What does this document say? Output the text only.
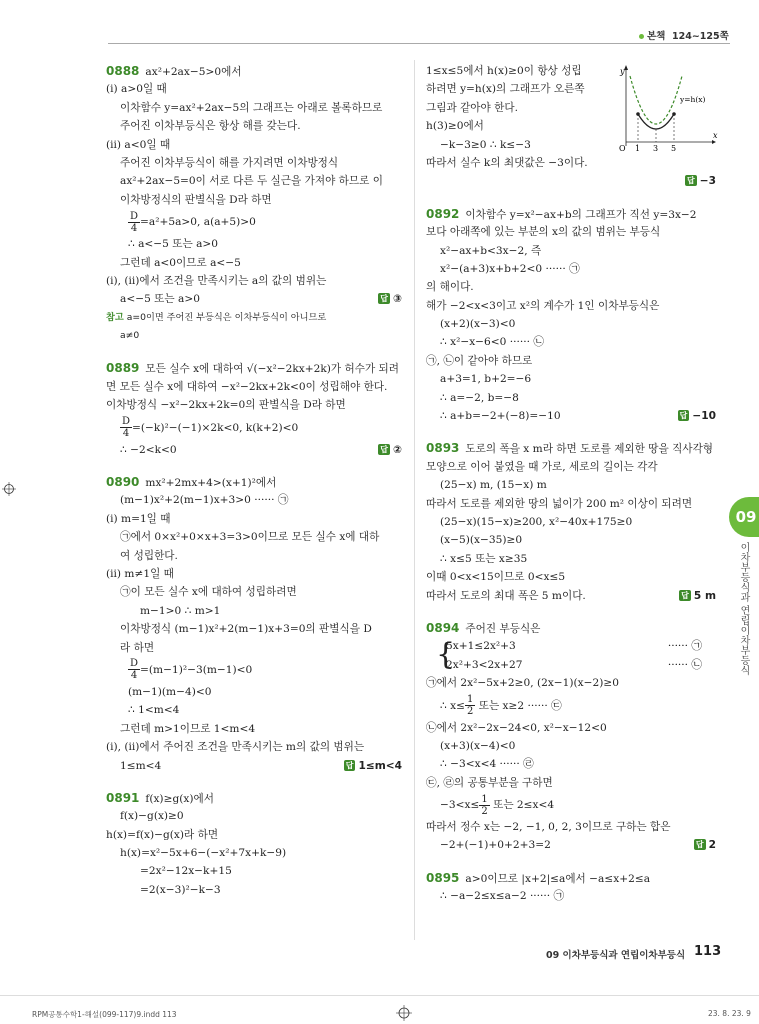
본책 124~125쪽
0888 ax²+2ax−5>0에서
(i) a>0일 때
이차함수 y=ax²+2ax−5의 그래프는 아래로 볼록하므로
주어진 이차부등식은 항상 해를 갖는다.
(ii) a<0일 때
주어진 이차부등식이 해를 가지려면 이차방정식
ax²+2ax−5=0이 서로 다른 두 실근을 가져야 하므로 이
이차방정식의 판별식을 D라 하면
$\frac{D}{4} =a^2+5a>0$, a(a+5)>0
∴ a<−5 또는 a>0
그런데 a<0이므로 a<−5
(i), (ii)에서 조건을 만족시키는 a의 값의 범위는
a<−5 또는 a>0	답 ③
참고 a=0이면 주어진 부등식은 이차부등식이 아니므로
a≠0
0889 모든 실수 x에 대하여 √(−x²−2kx+2k)가 허수가 되려
면 모든 실수 x에 대하여 −x²−2kx+2k<0이 성립해야 한다.
이차방정식 −x²−2kx+2k=0의 판별식을 D라 하면
$\frac{D}{4} =(-k)^2-(-1)\times 2k<0$, k(k+2)<0
∴ −2<k<0	답 ②
0890 mx²+2mx+4>(x+1)²에서
(m−1)x²+2(m−1)x+3>0 ······ ㉠
(i) m=1일 때
㉠에서 0×x²+0×x+3=3>0이므로 모든 실수 x에 대하
여 성립한다.
(ii) m≠1일 때
㉠이 모든 실수 x에 대하여 성립하려면
m−1>0 ∴ m>1
이차방정식 (m−1)x²+2(m−1)x+3=0의 판별식을 D
라 하면
$\frac{D}{4} =(m-1)^2-3(m-1)<0$
(m−1)(m−4)<0
∴ 1<m<4
그런데 m>1이므로 1<m<4
(i), (ii)에서 주어진 조건을 만족시키는 m의 값의 범위는
1≤m<4	답 1≤m<4
0891 f(x)≥g(x)에서
f(x)−g(x)≥0
h(x)=f(x)−g(x)라 하면
h(x)=x²−5x+6−(−x²+7x+k−9)
=2x²−12x−k+15
=2(x−3)²−k−3
1≤x≤5에서 h(x)≥0이 항상 성립
하려면 y=h(x)의 그래프가 오른쪽
그림과 같아야 한다.
h(3)≥0에서
−k−3≥0 ∴ k≤−3
따라서 실수 k의 최댓값은 −3이다.
답 −3
0892 이차함수 y=x²−ax+b의 그래프가 직선 y=3x−2
보다 아래쪽에 있는 부분의 x의 값의 범위는 부등식
x²−ax+b<3x−2, 즉
x²−(a+3)x+b+2<0 ······ ㉠
의 해이다.
해가 −2<x<3이고 x²의 계수가 1인 이차부등식은
(x+2)(x−3)<0
∴ x²−x−6<0 ······ ㉡
㉠, ㉡이 같아야 하므로
a+3=1, b+2=−6
∴ a=−2, b=−8
∴ a+b=−2+(−8)=−10	답 −10
0893 도로의 폭을 x m라 하면 도로를 제외한 땅을 직사각형
모양으로 이어 붙였을 때 가로, 세로의 길이는 각각
(25−x) m, (15−x) m
따라서 도로를 제외한 땅의 넓이가 200 m² 이상이 되려면
(25−x)(15−x)≥200, x²−40x+175≥0
(x−5)(x−35)≥0
∴ x≤5 또는 x≥35
이때 0<x<15이므로 0<x≤5
따라서 도로의 최대 폭은 5 m이다.	답 5 m
0894 주어진 부등식은
{
5x+1≤2x²+3	······ ㉠
2x²+3<2x+27	······ ㉡
㉠에서 2x²−5x+2≥0, (2x−1)(x−2)≥0
∴ $x\le \frac{1}{2}$ 또는 x≥2 ······ ㉢
㉡에서 2x²−2x−24<0, x²−x−12<0
(x+3)(x−4)<0
∴ −3<x<4 ······ ㉣
㉢, ㉣의 공통부분을 구하면
$-3<x\le \frac{1}{2}$ 또는 2≤x<4
따라서 정수 x는 −2, −1, 0, 2, 3이므로 구하는 합은
−2+(−1)+0+2+3=2	답 2
0895 a>0이므로 |x+2|≤a에서 −a≤x+2≤a
∴ −a−2≤x≤a−2 ······ ㉠
y
x
y=h(x)
O 1 3 5
09
이차부등식과 연립이차부등식
09 이차부등식과 연립이차부등식 113
RPM공통수학1-해설(099-117)9.indd 113	23. 8. 23. 9
